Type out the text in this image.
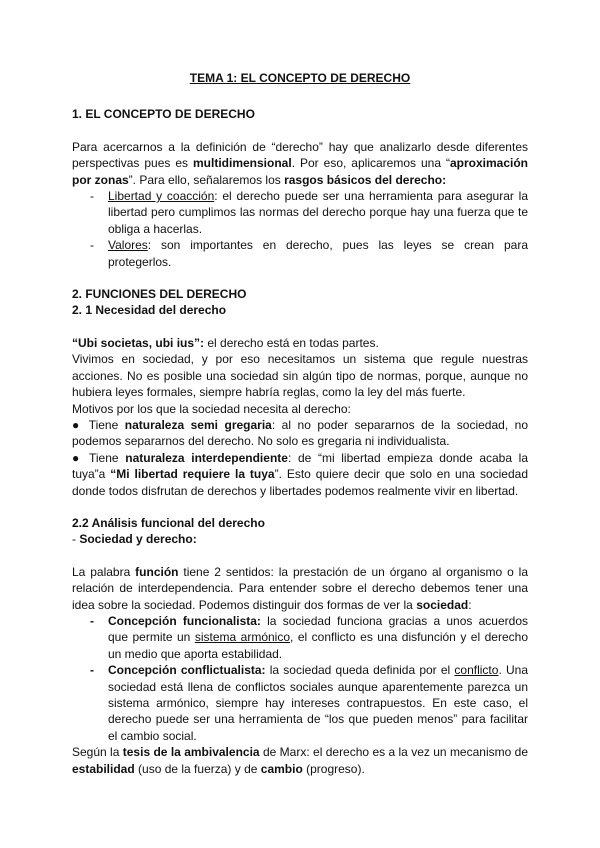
TEMA 1: EL CONCEPTO DE DERECHO

1. EL CONCEPTO DE DERECHO

Para acercarnos a la definición de “derecho” hay que analizarlo desde diferentes perspectivas pues es multidimensional. Por eso, aplicaremos una “aproximación por zonas”. Para ello, señalaremos los rasgos básicos del derecho:

- Libertad y coacción: el derecho puede ser una herramienta para asegurar la libertad pero cumplimos las normas del derecho porque hay una fuerza que te obliga a hacerlas.
- Valores: son importantes en derecho, pues las leyes se crean para protegerlos.

2. FUNCIONES DEL DERECHO

2. 1 Necesidad del derecho

“Ubi societas, ubi ius”: el derecho está en todas partes.

Vivimos en sociedad, y por eso necesitamos un sistema que regule nuestras acciones. No es posible una sociedad sin algún tipo de normas, porque, aunque no hubiera leyes formales, siempre habría reglas, como la ley del más fuerte.

Motivos por los que la sociedad necesita al derecho:

● Tiene naturaleza semi gregaria: al no poder separarnos de la sociedad, no podemos separarnos del derecho. No solo es gregaria ni individualista.

● Tiene naturaleza interdependiente: de “mi libertad empieza donde acaba la tuya”a “Mi libertad requiere la tuya”. Esto quiere decir que solo en una sociedad donde todos disfrutan de derechos y libertades podemos realmente vivir en libertad.

2.2 Análisis funcional del derecho

- Sociedad y derecho:

La palabra función tiene 2 sentidos: la prestación de un órgano al organismo o la relación de interdependencia. Para entender sobre el derecho debemos tener una idea sobre la sociedad. Podemos distinguir dos formas de ver la sociedad:

- Concepción funcionalista: la sociedad funciona gracias a unos acuerdos que permite un sistema armónico, el conflicto es una disfunción y el derecho un medio que aporta estabilidad.
- Concepción conflictualista: la sociedad queda definida por el conflicto. Una sociedad está llena de conflictos sociales aunque aparentemente parezca un sistema armónico, siempre hay intereses contrapuestos. En este caso, el derecho puede ser una herramienta de “los que pueden menos” para facilitar el cambio social.

Según la tesis de la ambivalencia de Marx: el derecho es a la vez un mecanismo de estabilidad (uso de la fuerza) y de cambio (progreso).
